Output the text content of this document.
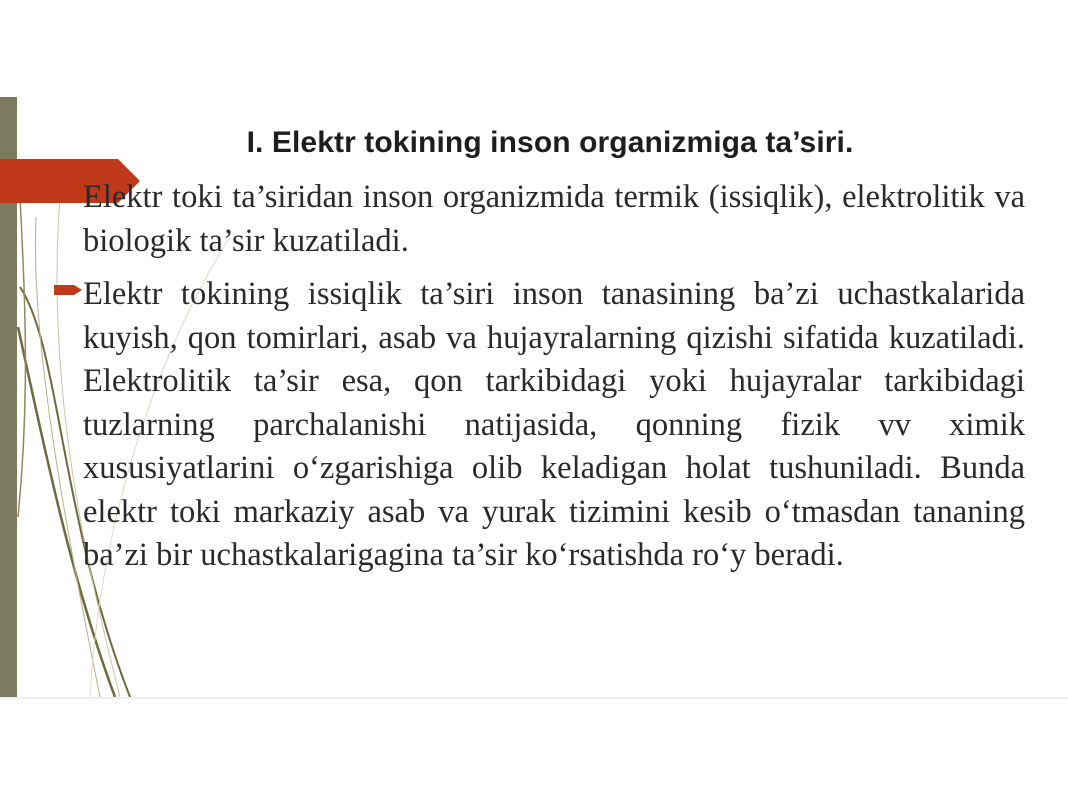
I. Elektr tokining inson organizmiga ta’siri.

Elektr toki ta’siridan inson organizmida termik (issiqlik), elektrolitik va biologik ta’sir kuzatiladi.

Elektr tokining issiqlik ta’siri inson tanasining ba’zi uchastkalarida kuyish, qon tomirlari, asab va hujayralarning qizishi sifatida kuzatiladi. Elektrolitik ta’sir esa, qon tarkibidagi yoki hujayralar tarkibidagi tuzlarning parchalanishi natijasida, qonning fizik vv ximik xususiyatlarini o‘zgarishiga olib keladigan holat tushuniladi. Bunda elektr toki markaziy asab va yurak tizimini kesib o‘tmasdan tananing ba’zi bir uchastkalarigagina ta’sir ko‘rsatishda ro‘y beradi.
